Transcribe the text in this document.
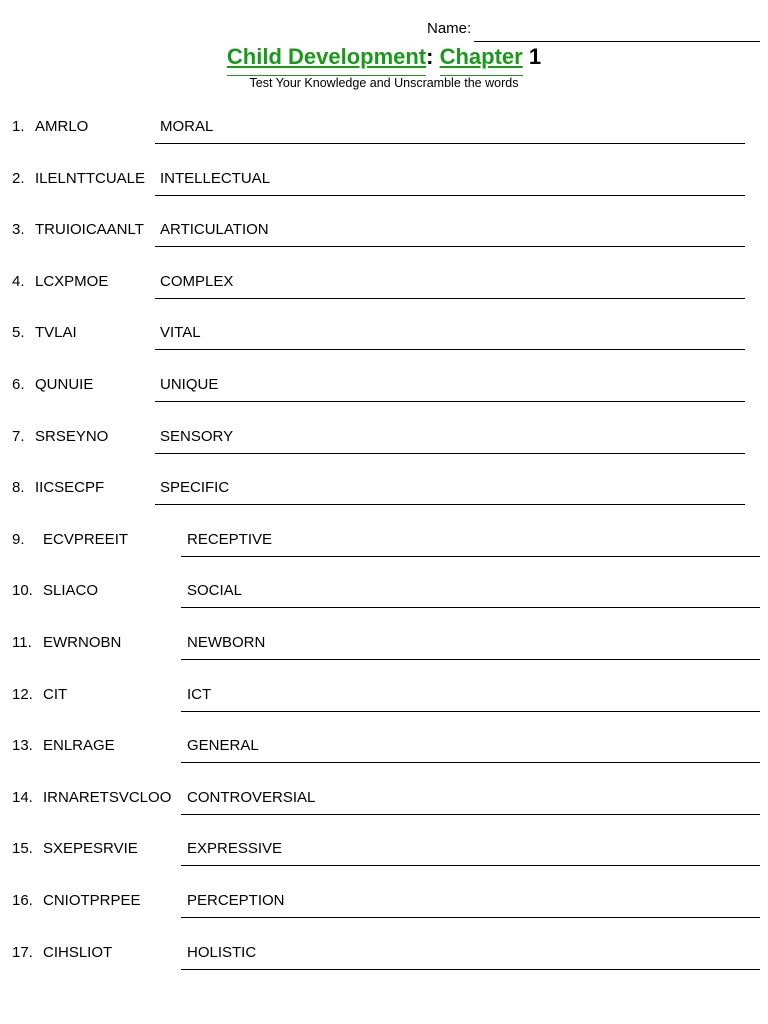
Name:
Child Development: Chapter 1
Test Your Knowledge and Unscramble the words
1. AMRLO	MORAL
2. ILELNTTCUALE INTELLECTUAL
3. TRUIOICAANLT ARTICULATION
4. LCXPMOE	COMPLEX
5. TVLAI	VITAL
6. QUNUIE	UNIQUE
7. SRSEYNO	SENSORY
8. IICSECPF	SPECIFIC
9. ECVPREEIT	RECEPTIVE
10. SLIACO	SOCIAL
11. EWRNOBN	NEWBORN
12. CIT	ICT
13. ENLRAGE	GENERAL
14. IRNARETSVCLOO CONTROVERSIAL
15. SXEPESRVIE	EXPRESSIVE
16. CNIOTPRPEE	PERCEPTION
17. CIHSLIOT	HOLISTIC
